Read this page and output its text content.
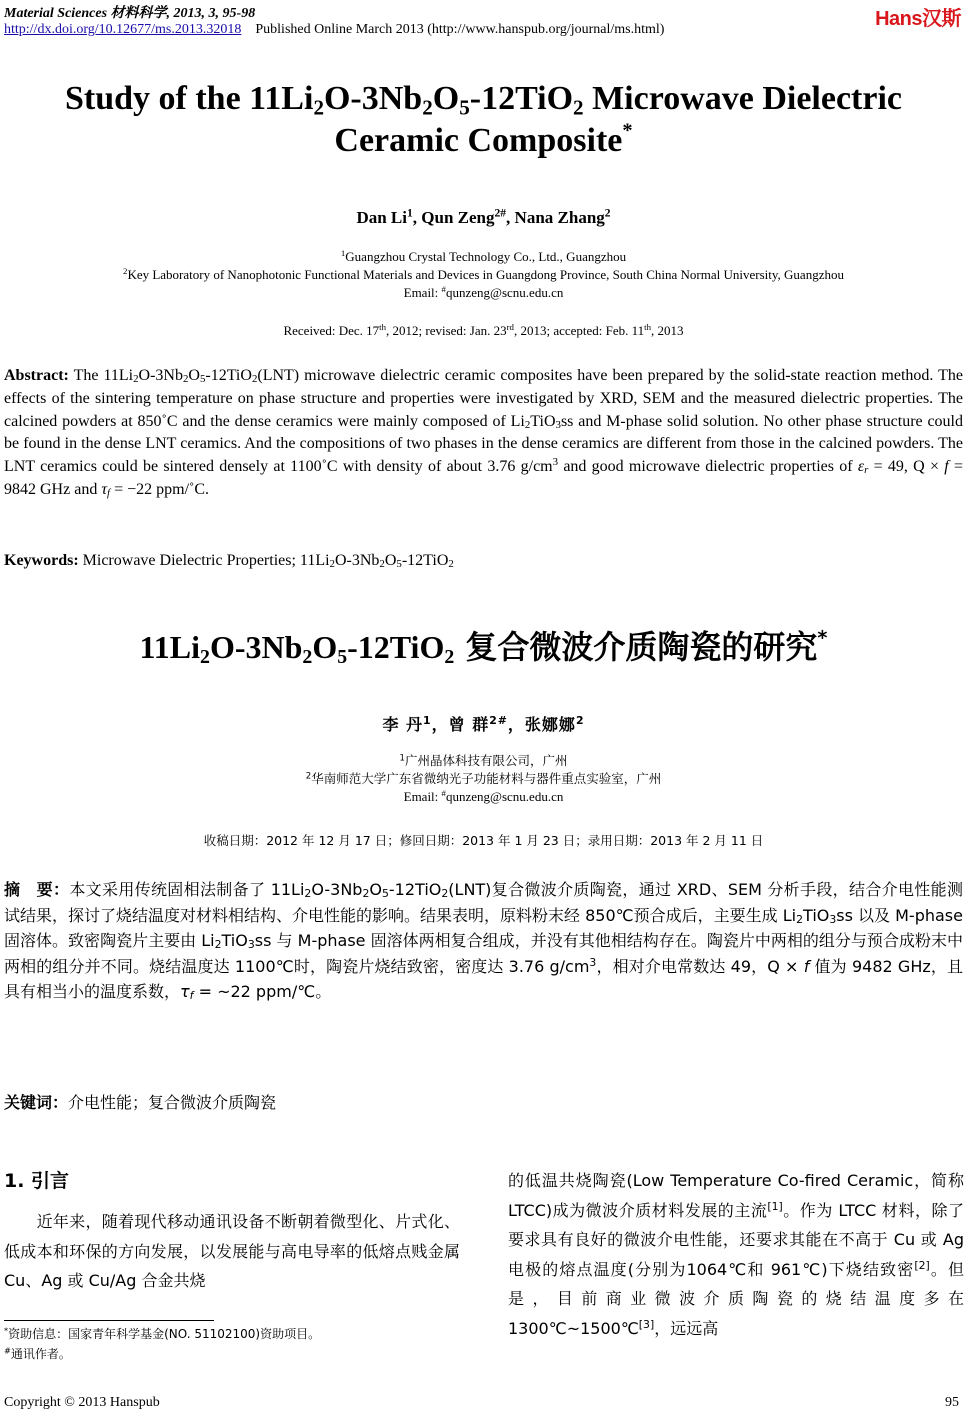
Material Sciences 材料科学, 2013, 3, 95-98
http://dx.doi.org/10.12677/ms.2013.32018 Published Online March 2013 (http://www.hanspub.org/journal/ms.html)	Hans汉斯
Study of the $11Li_2O-3Nb_2O_5-12TiO_2$ Microwave Dielectric
Ceramic Composite*
Dan Li$^1$, Qun Zeng$^{2\#}$, Nana Zhang$^2$
$^1$Guangzhou Crystal Technology Co., Ltd., Guangzhou
$^2$Key Laboratory of Nanophotonic Functional Materials and Devices in Guangdong Province, South China Normal University, Guangzhou
Email: #qunzeng@scnu.edu.cn
Received: Dec. 17th, 2012; revised: Jan. 23rd, 2013; accepted: Feb. 11th, 2013
Abstract: The $11Li_2O-3Nb_2O_5-12TiO_2(LNT)$ microwave dielectric ceramic composites have been prepared by the solid-state reaction method. The effects of the sintering temperature on phase structure and properties were investigated by XRD, SEM and the measured dielectric properties. The calcined powders at 850˚C and the dense ceramics were mainly composed of $Li_2TiO_3ss$ and M-phase solid solution. No other phase structure could be found in the dense LNT ceramics. And the compositions of two phases in the dense ceramics are different from those in the calcined powders. The LNT ceramics could be sintered densely at 1100˚C with density of about 3.76 $g/cm^3$ and good microwave dielectric properties of $\varepsilon_r = 49$, Q × f = 9842 GHz and $\tau_f = -22$ ppm/˚C.
Keywords: Microwave Dielectric Properties; $11Li_2O-3Nb_2O_5-12TiO_2$
$11Li_2O-3Nb_2O_5-12TiO_2$ 复合微波介质陶瓷的研究*
李 丹$^1$，曾 群$^{2\#}$，张娜娜$^2$
$^1$广州晶体科技有限公司，广州
$^2$华南师范大学广东省微纳光子功能材料与器件重点实验室，广州
Email: #qunzeng@scnu.edu.cn
收稿日期：2012 年 12 月 17 日；修回日期：2013 年 1 月 23 日；录用日期：2013 年 2 月 11 日
摘　要：本文采用传统固相法制备了 $11Li_2O-3Nb_2O_5-12TiO_2(LNT)$复合微波介质陶瓷，通过 XRD、SEM 分析手段，结合介电性能测试结果，探讨了烧结温度对材料相结构、介电性能的影响。结果表明，原料粉末经 850℃预合成后，主要生成 $Li_2TiO_3ss$ 以及 M-phase 固溶体。致密陶瓷片主要由 $Li_2TiO_3ss$ 与 M-phase 固溶体两相复合组成，并没有其他相结构存在。陶瓷片中两相的组分与预合成粉末中两相的组分并不同。烧结温度达 1100℃时，陶瓷片烧结致密，密度达 3.76 $g/cm^3$，相对介电常数达 49，Q × f 值为 9482 GHz，且具有相当小的温度系数，$\tau_f$ = ~22 ppm/℃。
关键词：介电性能；复合微波介质陶瓷
1. 引言
　　近年来，随着现代移动通讯设备不断朝着微型化、片式化、低成本和环保的方向发展，以发展能与高电导率的低熔点贱金属 Cu、Ag 或 Cu/Ag 合金共烧
的低温共烧陶瓷(Low Temperature Co-fired Ceramic，简称 LTCC)成为微波介质材料发展的主流[1]。作为 LTCC 材料，除了要求具有良好的微波介电性能，还要求其能在不高于 Cu 或 Ag 电极的熔点温度(分别为1064℃和 961℃)下烧结致密[2]。但是，目前商业微波介质陶瓷的烧结温度多在 1300℃~1500℃[3]，远远高
*资助信息：国家青年科学基金(NO. 51102100)资助项目。
#通讯作者。
Copyright © 2013 Hanspub	95
